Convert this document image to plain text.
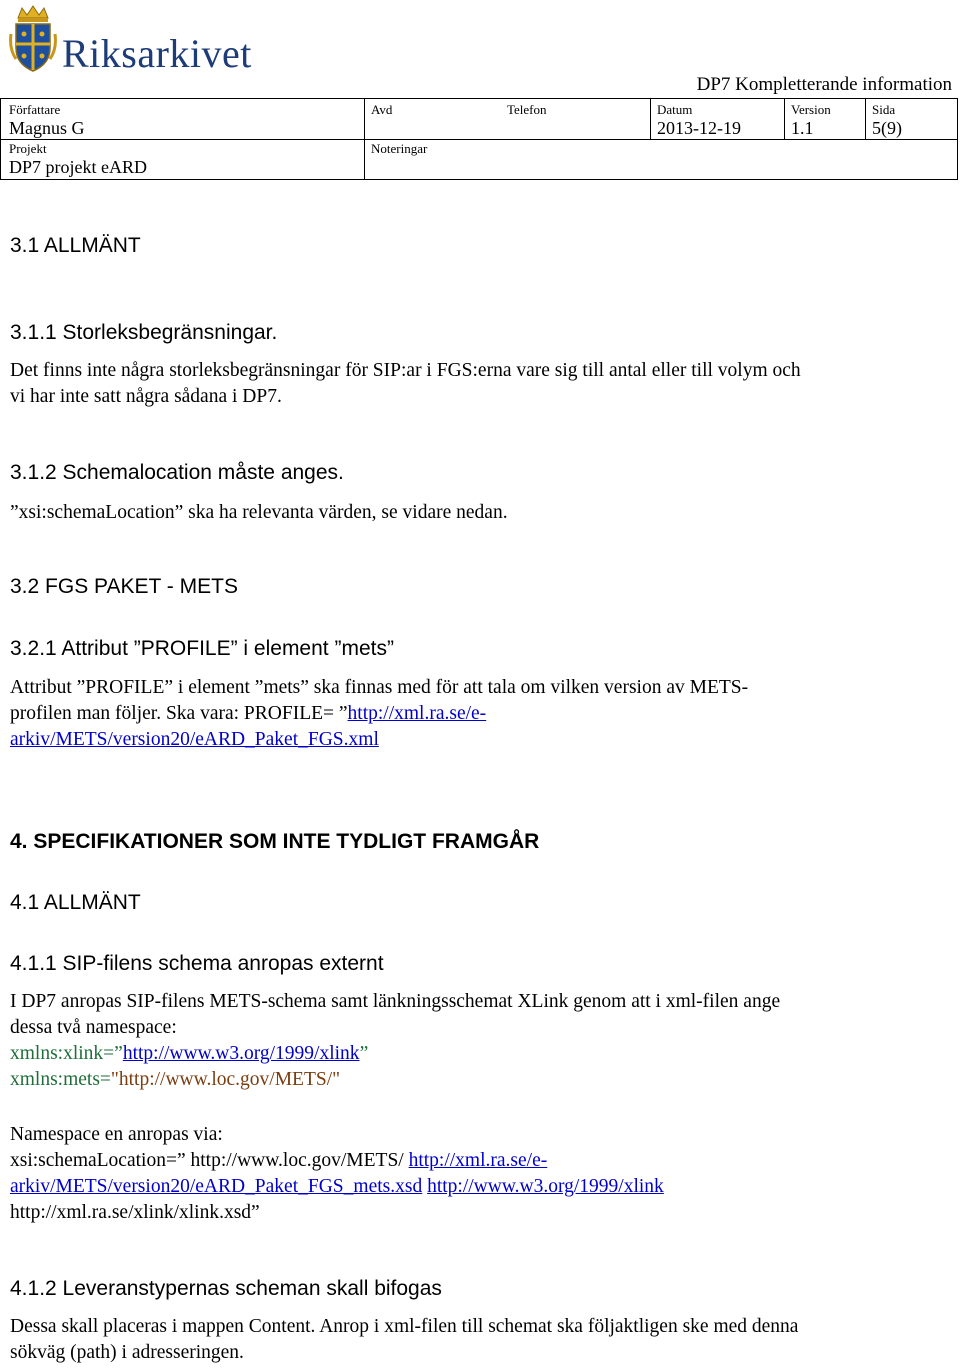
Riksarkivet
DP7 Kompletterande information
Författare
Magnus G
Avd	Telefon	Datum
2013-12-19
Version
1.1
Sida
5(9)
Projekt
DP7 projekt eARD
Noteringar
3.1 ALLMÄNT
3.1.1 Storleksbegränsningar.
Det finns inte några storleksbegränsningar för SIP:ar i FGS:erna vare sig till antal eller till volym och
vi har inte satt några sådana i DP7.
3.1.2 Schemalocation måste anges.
”xsi:schemaLocation” ska ha relevanta värden, se vidare nedan.
3.2 FGS PAKET - METS
3.2.1 Attribut ”PROFILE” i element ”mets”
Attribut ”PROFILE” i element ”mets” ska finnas med för att tala om vilken version av METS-
profilen man följer. Ska vara: PROFILE= ”http://xml.ra.se/e-
arkiv/METS/version20/eARD_Paket_FGS.xml
4. SPECIFIKATIONER SOM INTE TYDLIGT FRAMGÅR
4.1 ALLMÄNT
4.1.1 SIP-filens schema anropas externt
I DP7 anropas SIP-filens METS-schema samt länkningsschemat XLink genom att i xml-filen ange
dessa två namespace:
xmlns:xlink=”http://www.w3.org/1999/xlink”
xmlns:mets="http://www.loc.gov/METS/"
Namespace en anropas via:
xsi:schemaLocation=” http://www.loc.gov/METS/ http://xml.ra.se/e-
arkiv/METS/version20/eARD_Paket_FGS_mets.xsd http://www.w3.org/1999/xlink
http://xml.ra.se/xlink/xlink.xsd”
4.1.2 Leveranstypernas scheman skall bifogas
Dessa skall placeras i mappen Content. Anrop i xml-filen till schemat ska följaktligen ske med denna
sökväg (path) i adresseringen.
